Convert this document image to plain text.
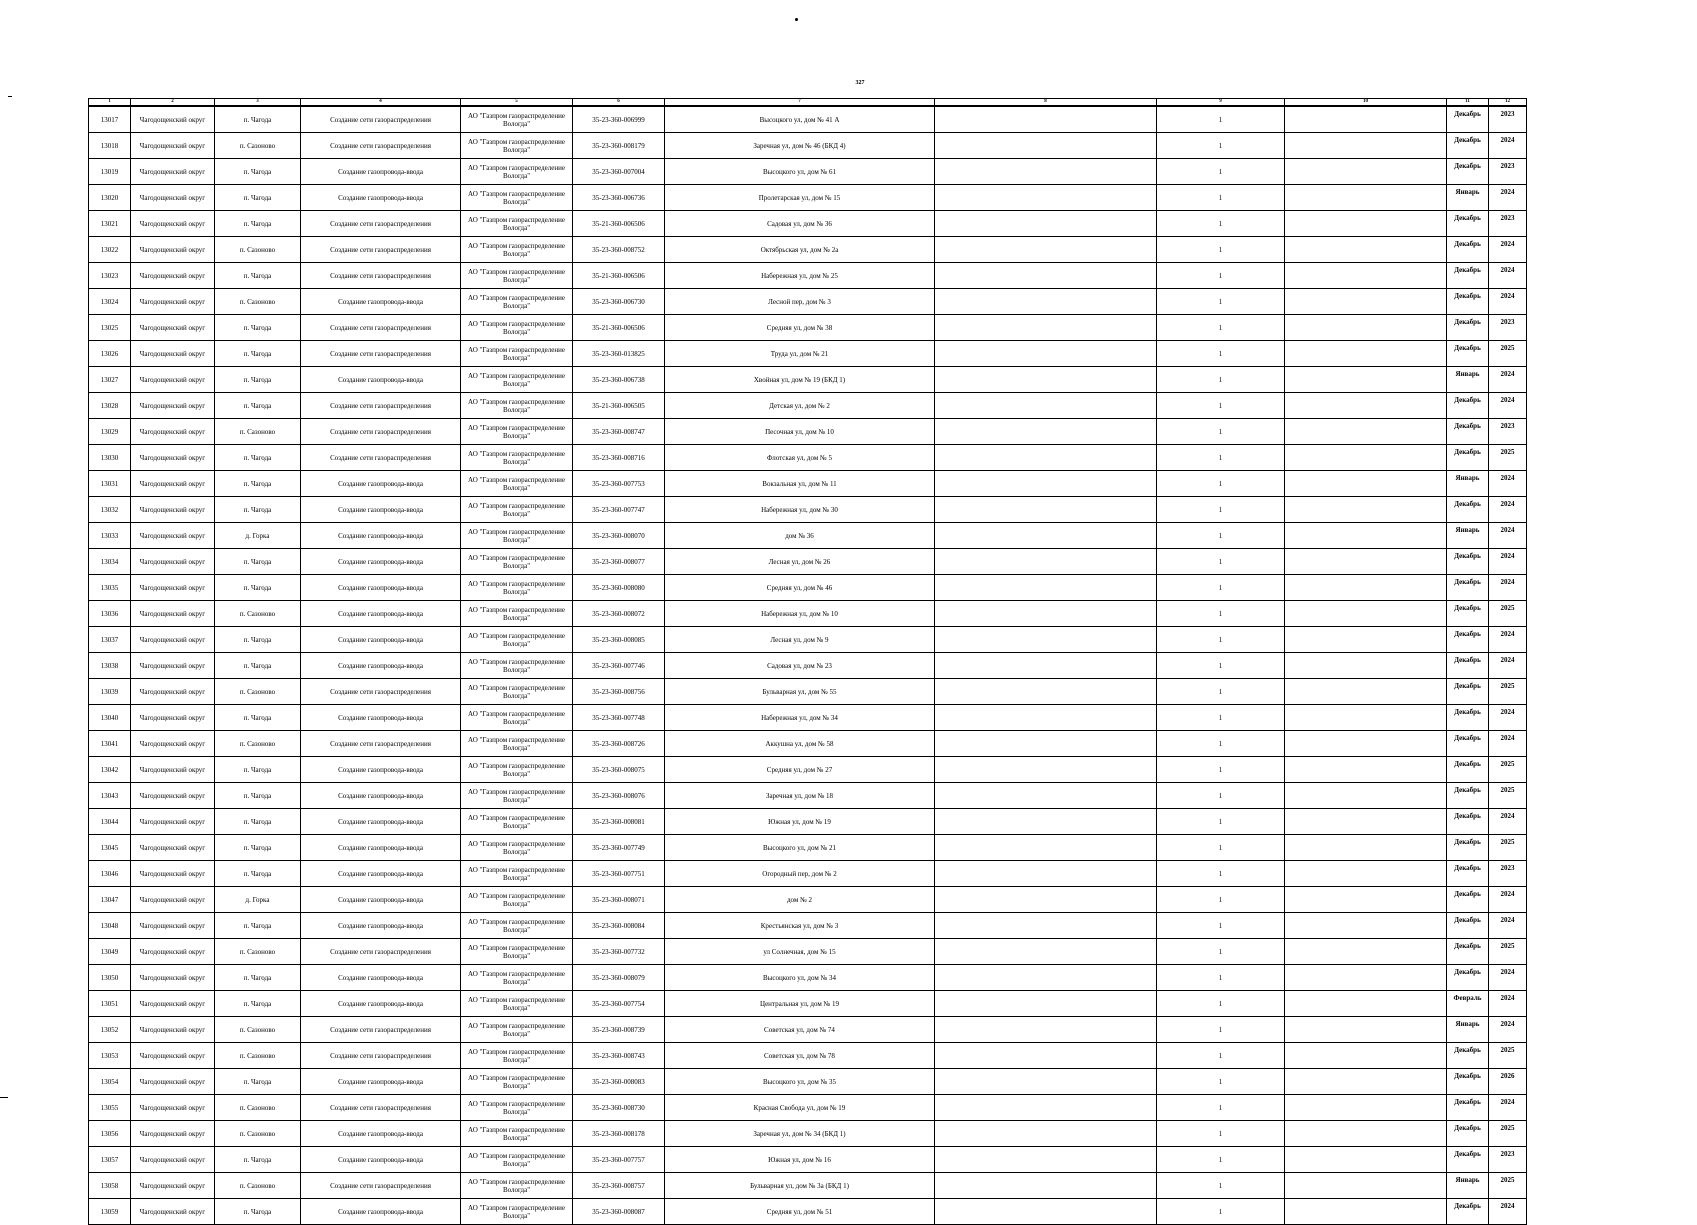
327
1	2	3	4	5	6	7	8	9	10	11	12
13017	Чагодощенский округ	п. Чагода	Создание сети газораспределения	АО "Газпром газораспределение Вологда"	35-23-360-006999	Высоцкого ул, дом № 41 А		1		Декабрь	2023
13018	Чагодощенский округ	п. Сазоново	Создание сети газораспределения	АО "Газпром газораспределение Вологда"	35-23-360-008179	Заречная ул, дом № 46 (БКД 4)		1		Декабрь	2024
13019	Чагодощенский округ	п. Чагода	Создание газопровода-ввода	АО "Газпром газораспределение Вологда"	35-23-360-007004	Высоцкого ул, дом № 61		1		Декабрь	2023
13020	Чагодощенский округ	п. Чагода	Создание газопровода-ввода	АО "Газпром газораспределение Вологда"	35-23-360-006736	Пролетарская ул, дом № 15		1		Январь	2024
13021	Чагодощенский округ	п. Чагода	Создание сети газораспределения	АО "Газпром газораспределение Вологда"	35-21-360-006506	Садовая ул, дом № 36		1		Декабрь	2023
13022	Чагодощенский округ	п. Сазоново	Создание сети газораспределения	АО "Газпром газораспределение Вологда"	35-23-360-008752	Октябрьская ул, дом № 2а		1		Декабрь	2024
13023	Чагодощенский округ	п. Чагода	Создание сети газораспределения	АО "Газпром газораспределение Вологда"	35-21-360-006506	Набережная ул, дом № 25		1		Декабрь	2024
13024	Чагодощенский округ	п. Сазоново	Создание газопровода-ввода	АО "Газпром газораспределение Вологда"	35-23-360-006730	Лесной пер, дом № 3		1		Декабрь	2024
13025	Чагодощенский округ	п. Чагода	Создание сети газораспределения	АО "Газпром газораспределение Вологда"	35-21-360-006506	Средняя ул, дом № 38		1		Декабрь	2023
13026	Чагодощенский округ	п. Чагода	Создание сети газораспределения	АО "Газпром газораспределение Вологда"	35-23-360-013825	Труда ул, дом № 21		1		Декабрь	2025
13027	Чагодощенский округ	п. Чагода	Создание газопровода-ввода	АО "Газпром газораспределение Вологда"	35-23-360-006738	Хвойная ул, дом № 19 (БКД 1)		1		Январь	2024
13028	Чагодощенский округ	п. Чагода	Создание сети газораспределения	АО "Газпром газораспределение Вологда"	35-21-360-006505	Детская ул, дом № 2		1		Декабрь	2024
13029	Чагодощенский округ	п. Сазоново	Создание сети газораспределения	АО "Газпром газораспределение Вологда"	35-23-360-008747	Песочная ул, дом № 10		1		Декабрь	2023
13030	Чагодощенский округ	п. Чагода	Создание сети газораспределения	АО "Газпром газораспределение Вологда"	35-23-360-008716	Флотская ул, дом № 5		1		Декабрь	2025
13031	Чагодощенский округ	п. Чагода	Создание газопровода-ввода	АО "Газпром газораспределение Вологда"	35-23-360-007753	Вокзальная ул, дом № 11		1		Январь	2024
13032	Чагодощенский округ	п. Чагода	Создание газопровода-ввода	АО "Газпром газораспределение Вологда"	35-23-360-007747	Набережная ул, дом № 30		1		Декабрь	2024
13033	Чагодощенский округ	д. Горка	Создание газопровода-ввода	АО "Газпром газораспределение Вологда"	35-23-360-008070	дом № 36		1		Январь	2024
13034	Чагодощенский округ	п. Чагода	Создание газопровода-ввода	АО "Газпром газораспределение Вологда"	35-23-360-008077	Лесная ул, дом № 26		1		Декабрь	2024
13035	Чагодощенский округ	п. Чагода	Создание газопровода-ввода	АО "Газпром газораспределение Вологда"	35-23-360-008080	Средняя ул, дом № 46		1		Декабрь	2024
13036	Чагодощенский округ	п. Сазоново	Создание газопровода-ввода	АО "Газпром газораспределение Вологда"	35-23-360-008072	Набережная ул, дом № 10		1		Декабрь	2025
13037	Чагодощенский округ	п. Чагода	Создание газопровода-ввода	АО "Газпром газораспределение Вологда"	35-23-360-008085	Лесная ул, дом № 9		1		Декабрь	2024
13038	Чагодощенский округ	п. Чагода	Создание газопровода-ввода	АО "Газпром газораспределение Вологда"	35-23-360-007746	Садовая ул, дом № 23		1		Декабрь	2024
13039	Чагодощенский округ	п. Сазоново	Создание сети газораспределения	АО "Газпром газораспределение Вологда"	35-23-360-008756	Бульварная ул, дом № 55		1		Декабрь	2025
13040	Чагодощенский округ	п. Чагода	Создание газопровода-ввода	АО "Газпром газораспределение Вологда"	35-23-360-007748	Набережная ул, дом № 34		1		Декабрь	2024
13041	Чагодощенский округ	п. Сазоново	Создание сети газораспределения	АО "Газпром газораспределение Вологда"	35-23-360-008726	Аккушна ул, дом № 58		1		Декабрь	2024
13042	Чагодощенский округ	п. Чагода	Создание газопровода-ввода	АО "Газпром газораспределение Вологда"	35-23-360-008075	Средняя ул, дом № 27		1		Декабрь	2025
13043	Чагодощенский округ	п. Чагода	Создание газопровода-ввода	АО "Газпром газораспределение Вологда"	35-23-360-008076	Заречная ул, дом № 18		1		Декабрь	2025
13044	Чагодощенский округ	п. Чагода	Создание газопровода-ввода	АО "Газпром газораспределение Вологда"	35-23-360-008081	Южная ул, дом № 19		1		Декабрь	2024
13045	Чагодощенский округ	п. Чагода	Создание газопровода-ввода	АО "Газпром газораспределение Вологда"	35-23-360-007749	Высоцкого ул, дом № 21		1		Декабрь	2025
13046	Чагодощенский округ	п. Чагода	Создание газопровода-ввода	АО "Газпром газораспределение Вологда"	35-23-360-007751	Огородный пер, дом № 2		1		Декабрь	2023
13047	Чагодощенский округ	д. Горка	Создание газопровода-ввода	АО "Газпром газораспределение Вологда"	35-23-360-008071	дом № 2		1		Декабрь	2024
13048	Чагодощенский округ	п. Чагода	Создание газопровода-ввода	АО "Газпром газораспределение Вологда"	35-23-360-008084	Крестьянская ул, дом № 3		1		Декабрь	2024
13049	Чагодощенский округ	п. Сазоново	Создание сети газораспределения	АО "Газпром газораспределение Вологда"	35-23-360-007732	ул Солнечная, дом № 15		1		Декабрь	2025
13050	Чагодощенский округ	п. Чагода	Создание газопровода-ввода	АО "Газпром газораспределение Вологда"	35-23-360-008079	Высоцкого ул, дом № 34		1		Декабрь	2024
13051	Чагодощенский округ	п. Чагода	Создание газопровода-ввода	АО "Газпром газораспределение Вологда"	35-23-360-007754	Центральная ул, дом № 19		1		Февраль	2024
13052	Чагодощенский округ	п. Сазоново	Создание сети газораспределения	АО "Газпром газораспределение Вологда"	35-23-360-008739	Советская ул, дом № 74		1		Январь	2024
13053	Чагодощенский округ	п. Сазоново	Создание сети газораспределения	АО "Газпром газораспределение Вологда"	35-23-360-008743	Советская ул, дом № 78		1		Декабрь	2025
13054	Чагодощенский округ	п. Чагода	Создание газопровода-ввода	АО "Газпром газораспределение Вологда"	35-23-360-008083	Высоцкого ул, дом № 35		1		Декабрь	2026
13055	Чагодощенский округ	п. Сазоново	Создание сети газораспределения	АО "Газпром газораспределение Вологда"	35-23-360-008730	Красная Свобода ул, дом № 19		1		Декабрь	2024
13056	Чагодощенский округ	п. Сазоново	Создание газопровода-ввода	АО "Газпром газораспределение Вологда"	35-23-360-008178	Заречная ул, дом № 34 (БКД 1)		1		Декабрь	2025
13057	Чагодощенский округ	п. Чагода	Создание газопровода-ввода	АО "Газпром газораспределение Вологда"	35-23-360-007757	Южная ул, дом № 16		1		Декабрь	2023
13058	Чагодощенский округ	п. Сазоново	Создание сети газораспределения	АО "Газпром газораспределение Вологда"	35-23-360-008757	Бульварная ул, дом № 3а (БКД 1)		1		Январь	2025
13059	Чагодощенский округ	п. Чагода	Создание газопровода-ввода	АО "Газпром газораспределение Вологда"	35-23-360-008087	Средняя ул, дом № 51		1		Декабрь	2024
